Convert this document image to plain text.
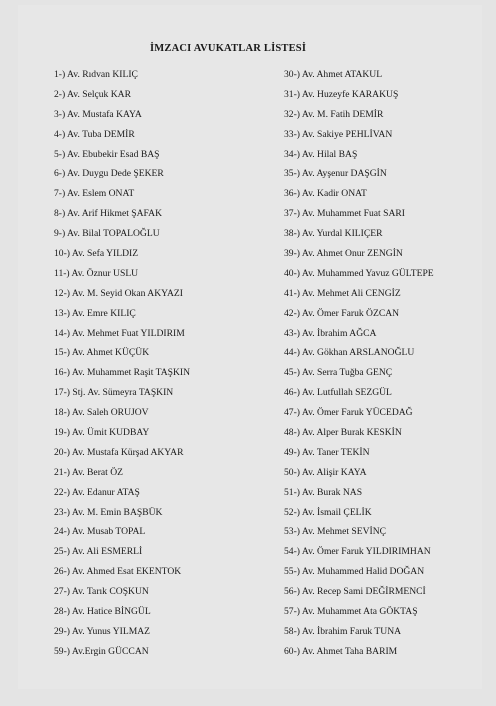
İMZACI AVUKATLAR LİSTESİ
1-) Av. Rıdvan KILIÇ
2-) Av. Selçuk KAR
3-) Av. Mustafa KAYA
4-) Av. Tuba DEMİR
5-) Av. Ebubekir Esad BAŞ
6-) Av. Duygu Dede ŞEKER
7-) Av. Eslem ONAT
8-) Av. Arif Hikmet ŞAFAK
9-) Av. Bilal TOPALOĞLU
10-) Av. Sefa YILDIZ
11-) Av. Öznur USLU
12-) Av. M. Seyid Okan AKYAZI
13-) Av. Emre KILIÇ
14-) Av. Mehmet Fuat YILDIRIM
15-) Av. Ahmet KÜÇÜK
16-) Av. Muhammet Raşit TAŞKIN
17-) Stj. Av. Sümeyra TAŞKIN
18-) Av. Saleh ORUJOV
19-) Av. Ümit KUDBAY
20-) Av. Mustafa Kürşad AKYAR
21-) Av. Berat ÖZ
22-) Av. Edanur ATAŞ
23-) Av. M. Emin BAŞBÜK
24-) Av. Musab TOPAL
25-) Av. Ali ESMERLİ
26-) Av. Ahmed Esat EKENTOK
27-) Av. Tarık COŞKUN
28-) Av. Hatice BİNGÜL
29-) Av. Yunus YILMAZ
59-) Av.Ergin GÜCCAN
30-) Av. Ahmet ATAKUL
31-) Av. Huzeyfe KARAKUŞ
32-) Av. M. Fatih DEMİR
33-) Av. Sakiye PEHLİVAN
34-) Av. Hilal BAŞ
35-) Av. Ayşenur DAŞGİN
36-) Av. Kadir ONAT
37-) Av. Muhammet Fuat SARI
38-) Av. Yurdal KILIÇER
39-) Av. Ahmet Onur ZENGİN
40-) Av. Muhammed Yavuz GÜLTEPE
41-) Av. Mehmet Ali CENGİZ
42-) Av. Ömer Faruk ÖZCAN
43-) Av. İbrahim AĞCA
44-) Av. Gökhan ARSLANOĞLU
45-) Av. Serra Tuğba GENÇ
46-) Av. Lutfullah SEZGÜL
47-) Av. Ömer Faruk YÜCEDAĞ
48-) Av. Alper Burak KESKİN
49-) Av. Taner TEKİN
50-) Av. Alişir KAYA
51-) Av. Burak NAS
52-) Av. İsmail ÇELİK
53-) Av. Mehmet SEVİNÇ
54-) Av. Ömer Faruk YILDIRIMHAN
55-) Av. Muhammed Halid DOĞAN
56-) Av. Recep Sami DEĞİRMENCİ
57-) Av. Muhammet Ata GÖKTAŞ
58-) Av. İbrahim Faruk TUNA
60-) Av. Ahmet Taha BARIM
